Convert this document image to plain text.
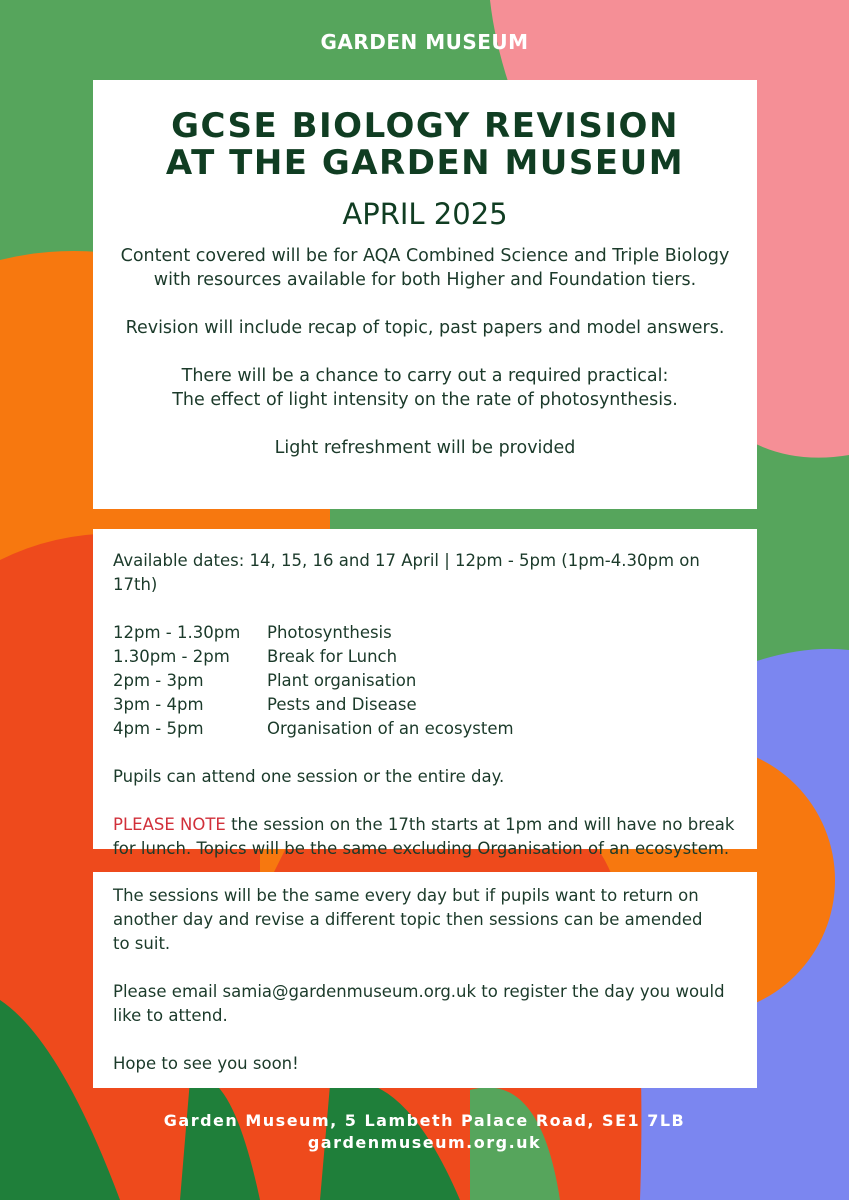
GARDEN MUSEUM
GCSE BIOLOGY REVISION
AT THE GARDEN MUSEUM
APRIL 2025
Content covered will be for AQA Combined Science and Triple Biology
with resources available for both Higher and Foundation tiers.
Revision will include recap of topic, past papers and model answers.
There will be a chance to carry out a required practical:
The effect of light intensity on the rate of photosynthesis.
Light refreshment will be provided
Available dates: 14, 15, 16 and 17 April | 12pm - 5pm (1pm-4.30pm on 17th)
12pm - 1.30pm	Photosynthesis
1.30pm - 2pm	Break for Lunch
2pm - 3pm	Plant organisation
3pm - 4pm	Pests and Disease
4pm - 5pm	Organisation of an ecosystem
Pupils can attend one session or the entire day.
PLEASE NOTE the session on the 17th starts at 1pm and will have no break
for lunch. Topics will be the same excluding Organisation of an ecosystem.
The sessions will be the same every day but if pupils want to return on
another day and revise a different topic then sessions can be amended
to suit.
Please email samia@gardenmuseum.org.uk to register the day you would
like to attend.
Hope to see you soon!
Garden Museum, 5 Lambeth Palace Road, SE1 7LB
gardenmuseum.org.uk
